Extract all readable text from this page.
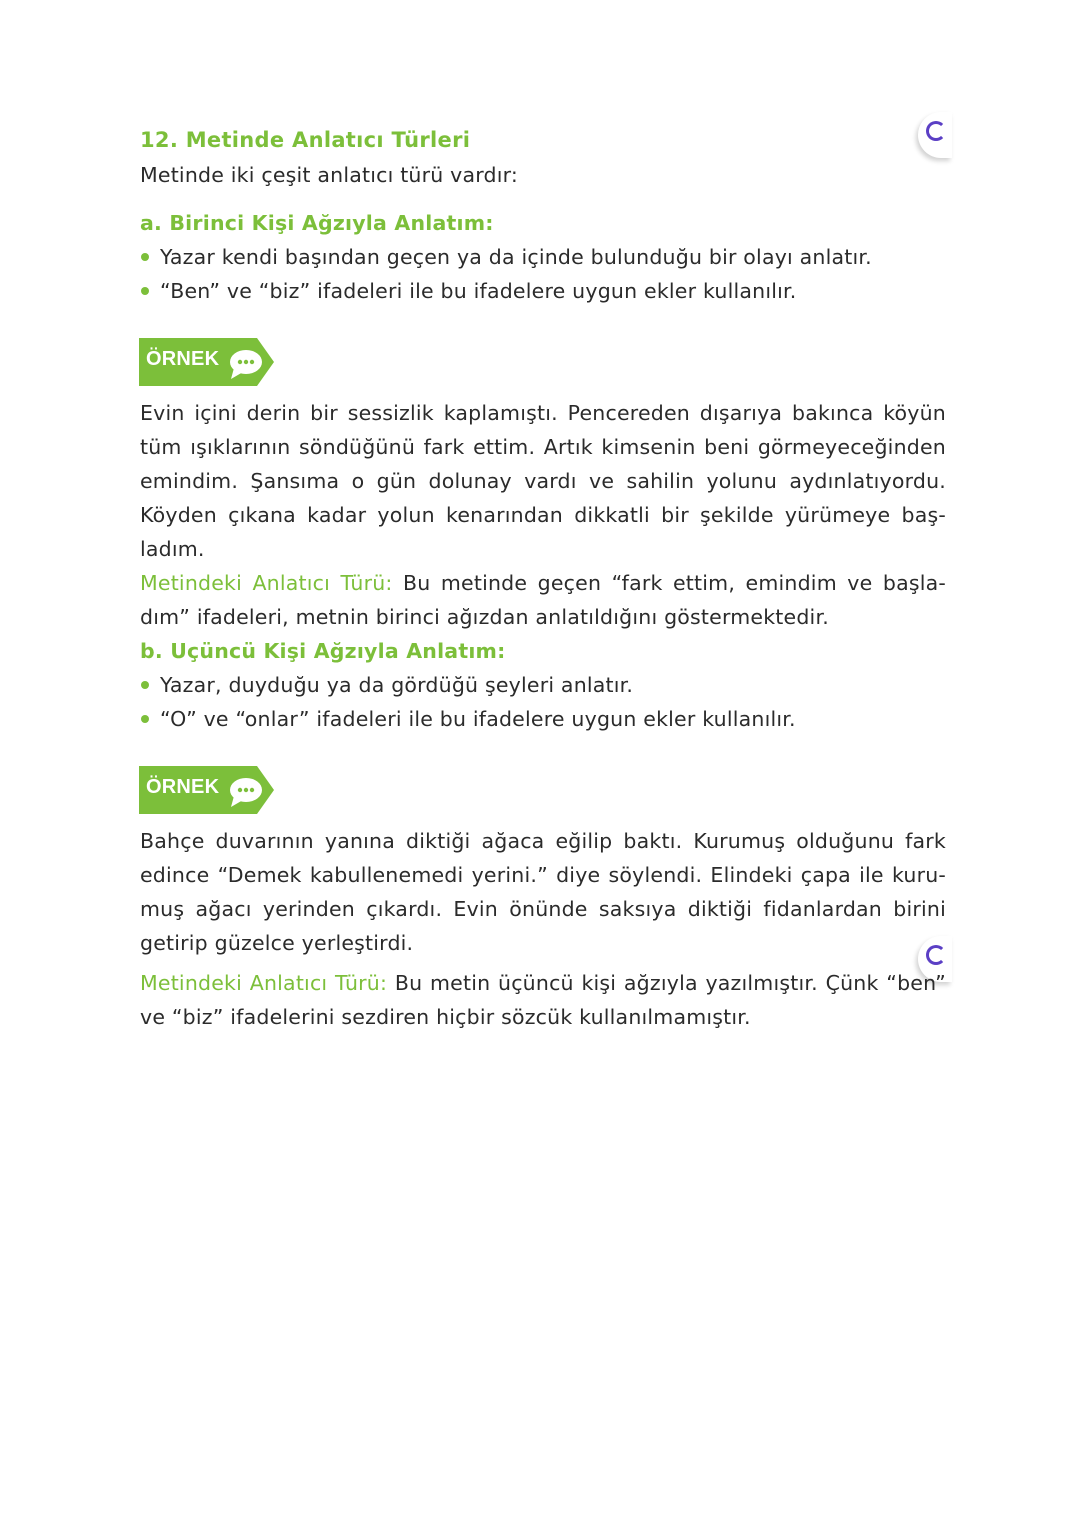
12. Metinde Anlatıcı Türleri

Metinde iki çeşit anlatıcı türü vardır:

a. Birinci Kişi Ağzıyla Anlatım:
Yazar kendi başından geçen ya da içinde bulunduğu bir olayı anlatır.
“Ben” ve “biz” ifadeleri ile bu ifadelere uygun ekler kullanılır.
ÖRNEK

Evin içini derin bir sessizlik kaplamıştı. Pencereden dışarıya bakınca köyün tüm ışıklarının söndüğünü fark ettim. Artık kimsenin beni görmeyeceğinden emindim. Şansıma o gün dolunay vardı ve sahilin yolunu aydınlatıyordu. Köyden çıkana kadar yolun kenarından dikkatli bir şekilde yürümeye baş-ladım.

Metindeki Anlatıcı Türü: Bu metinde geçen “fark ettim, emindim ve başla-dım” ifadeleri, metnin birinci ağızdan anlatıldığını göstermektedir.

b. Uçüncü Kişi Ağzıyla Anlatım:
Yazar, duyduğu ya da gördüğü şeyleri anlatır.
“O” ve “onlar” ifadeleri ile bu ifadelere uygun ekler kullanılır.
ÖRNEK

Bahçe duvarının yanına diktiği ağaca eğilip baktı. Kurumuş olduğunu fark edince “Demek kabullenemedi yerini.” diye söylendi. Elindeki çapa ile kuru-muş ağacı yerinden çıkardı. Evin önünde saksıya diktiği fidanlardan birini getirip güzelce yerleştirdi.

Metindeki Anlatıcı Türü: Bu metin üçüncü kişi ağzıyla yazılmıştır. Çünk “ben” ve “biz” ifadelerini sezdiren hiçbir sözcük kullanılmamıştır.
